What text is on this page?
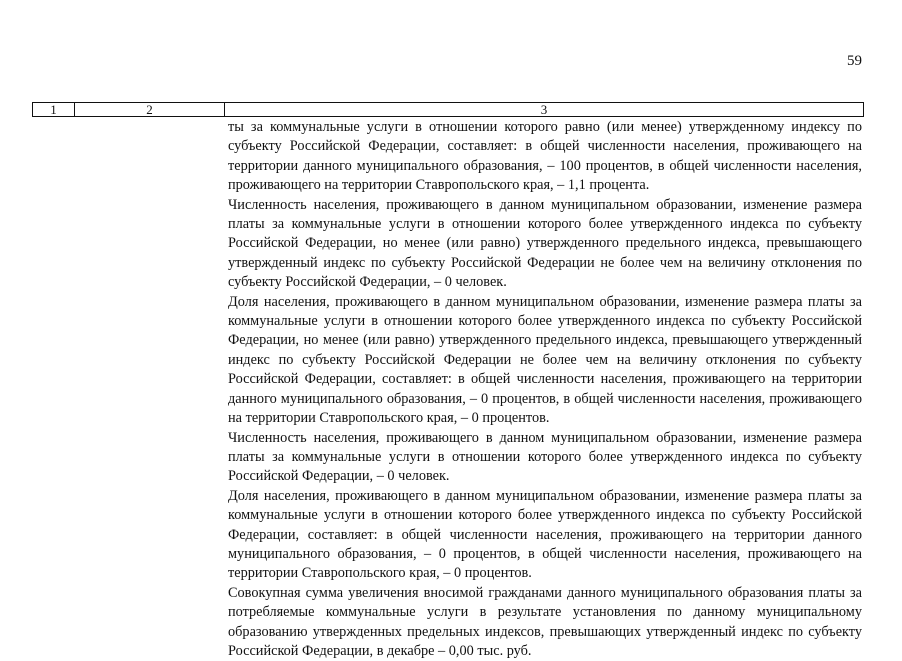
59
1	2	3

ты за коммунальные услуги в отношении которого равно (или менее) утвержденному индексу по субъекту Российской Федерации, составляет: в общей численности населения, проживающего на территории данного муниципального образования, – 100 процентов, в общей численности населения, проживающего на территории Ставропольского края, – 1,1 процента.

Численность населения, проживающего в данном муниципальном образовании, изменение размера платы за коммунальные услуги в отношении которого более утвержденного индекса по субъекту Российской Федерации, но менее (или равно) утвержденного предельного индекса, превышающего утвержденный индекс по субъекту Российской Федерации не более чем на величину отклонения по субъекту Российской Федерации, – 0 человек.

Доля населения, проживающего в данном муниципальном образовании, изменение размера платы за коммунальные услуги в отношении которого более утвержденного индекса по субъекту Российской Федерации, но менее (или равно) утвержденного предельного индекса, превышающего утвержденный индекс по субъекту Российской Федерации не более чем на величину отклонения по субъекту Российской Федерации, составляет: в общей численности населения, проживающего на территории данного муниципального образования, – 0 процентов, в общей численности населения, проживающего на территории Ставропольского края, – 0 процентов.

Численность населения, проживающего в данном муниципальном образовании, изменение размера платы за коммунальные услуги в отношении которого более утвержденного индекса по субъекту Российской Федерации, – 0 человек.

Доля населения, проживающего в данном муниципальном образовании, изменение размера платы за коммунальные услуги в отношении которого более утвержденного индекса по субъекту Российской Федерации, составляет: в общей численности населения, проживающего на территории данного муниципального образования, – 0 процентов, в общей численности населения, проживающего на территории Ставропольского края, – 0 процентов.

Совокупная сумма увеличения вносимой гражданами данного муниципального образования платы за потребляемые коммунальные услуги в результате установления по данному муниципальному образованию утвержденных предельных индексов, превышающих утвержденный индекс по субъекту Российской Федерации, в декабре – 0,00 тыс. руб.
